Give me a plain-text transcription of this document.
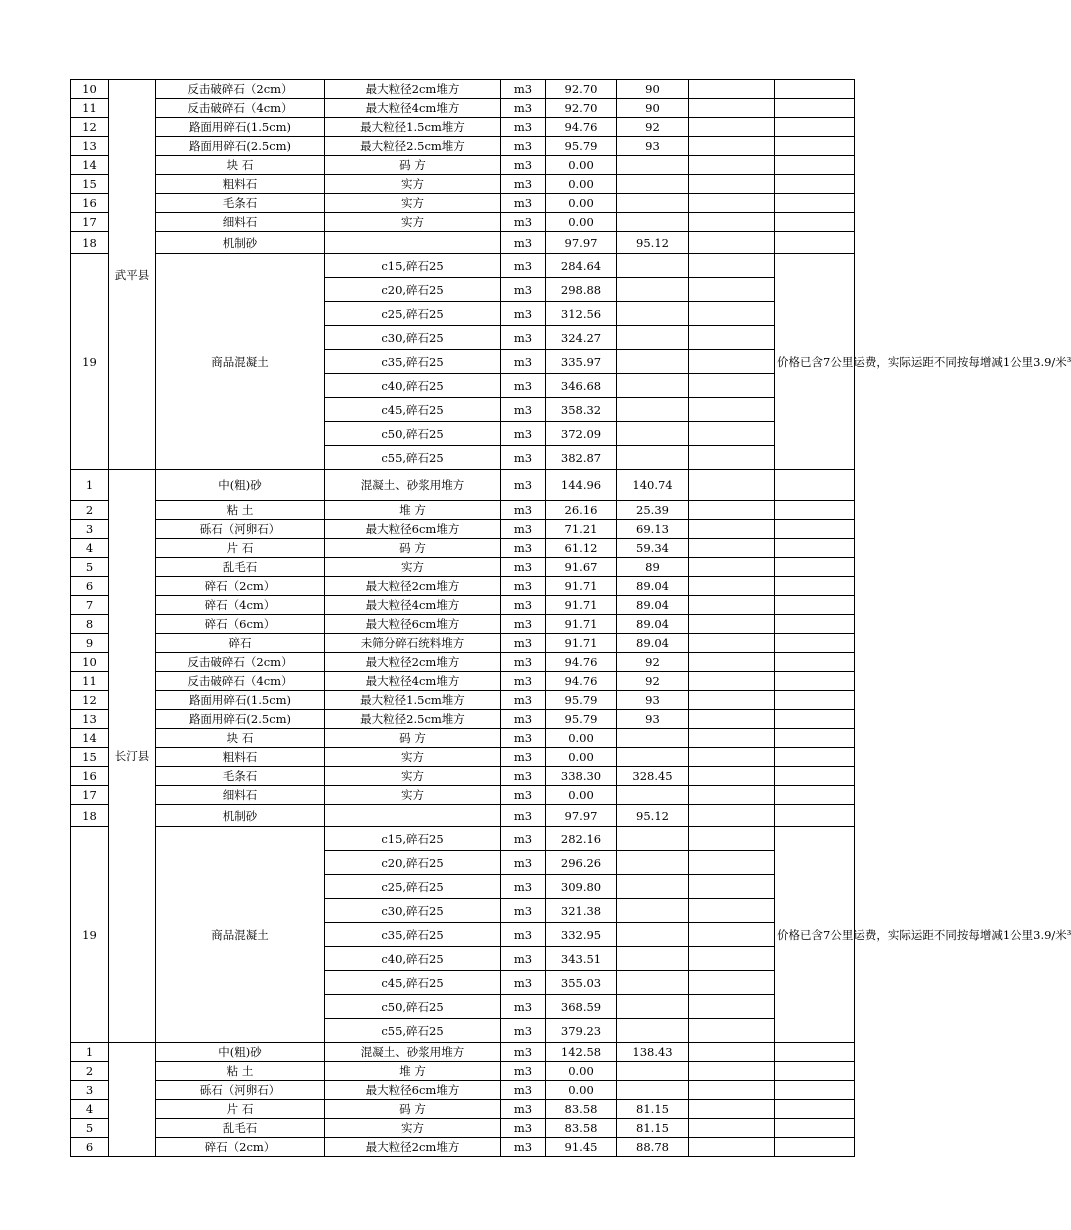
10	武平县	反击破碎石（2cm）	最大粒径2cm堆方	m3	92.70	90		
11		反击破碎石（4cm）	最大粒径4cm堆方	m3	92.70	90		
12		路面用碎石(1.5cm)	最大粒径1.5cm堆方	m3	94.76	92		
13		路面用碎石(2.5cm)	最大粒径2.5cm堆方	m3	95.79	93		
14		块 石	码 方	m3	0.00			
15		粗料石	实方	m3	0.00			
16		毛条石	实方	m3	0.00			
17		细料石	实方	m3	0.00			
18		机制砂		m3	97.97	95.12		
19		商品混凝土	c15,碎石25	m3	284.64			价格已含7公里运费，实际运距不同按每增减1公里3.9/米³
			c20,碎石25	m3	298.88			
			c25,碎石25	m3	312.56			
			c30,碎石25	m3	324.27			
			c35,碎石25	m3	335.97			
			c40,碎石25	m3	346.68			
			c45,碎石25	m3	358.32			
			c50,碎石25	m3	372.09			
			c55,碎石25	m3	382.87			
1	长汀县	中(粗)砂	混凝土、砂浆用堆方	m3	144.96	140.74		
2		粘 土	堆 方	m3	26.16	25.39		
3		砾石（河卵石）	最大粒径6cm堆方	m3	71.21	69.13		
4		片 石	码 方	m3	61.12	59.34		
5		乱毛石	实方	m3	91.67	89		
6		碎石（2cm）	最大粒径2cm堆方	m3	91.71	89.04		
7		碎石（4cm）	最大粒径4cm堆方	m3	91.71	89.04		
8		碎石（6cm）	最大粒径6cm堆方	m3	91.71	89.04		
9		碎石	未筛分碎石统料堆方	m3	91.71	89.04		
10		反击破碎石（2cm）	最大粒径2cm堆方	m3	94.76	92		
11		反击破碎石（4cm）	最大粒径4cm堆方	m3	94.76	92		
12		路面用碎石(1.5cm)	最大粒径1.5cm堆方	m3	95.79	93		
13		路面用碎石(2.5cm)	最大粒径2.5cm堆方	m3	95.79	93		
14		块 石	码 方	m3	0.00			
15		粗料石	实方	m3	0.00			
16		毛条石	实方	m3	338.30	328.45		
17		细料石	实方	m3	0.00			
18		机制砂		m3	97.97	95.12		
19		商品混凝土	c15,碎石25	m3	282.16			价格已含7公里运费，实际运距不同按每增减1公里3.9/米³
			c20,碎石25	m3	296.26			
			c25,碎石25	m3	309.80			
			c30,碎石25	m3	321.38			
			c35,碎石25	m3	332.95			
			c40,碎石25	m3	343.51			
			c45,碎石25	m3	355.03			
			c50,碎石25	m3	368.59			
			c55,碎石25	m3	379.23			
1		中(粗)砂	混凝土、砂浆用堆方	m3	142.58	138.43		
2		粘 土	堆 方	m3	0.00			
3		砾石（河卵石）	最大粒径6cm堆方	m3	0.00			
4		片 石	码 方	m3	83.58	81.15		
5		乱毛石	实方	m3	83.58	81.15		
6		碎石（2cm）	最大粒径2cm堆方	m3	91.45	88.78		
